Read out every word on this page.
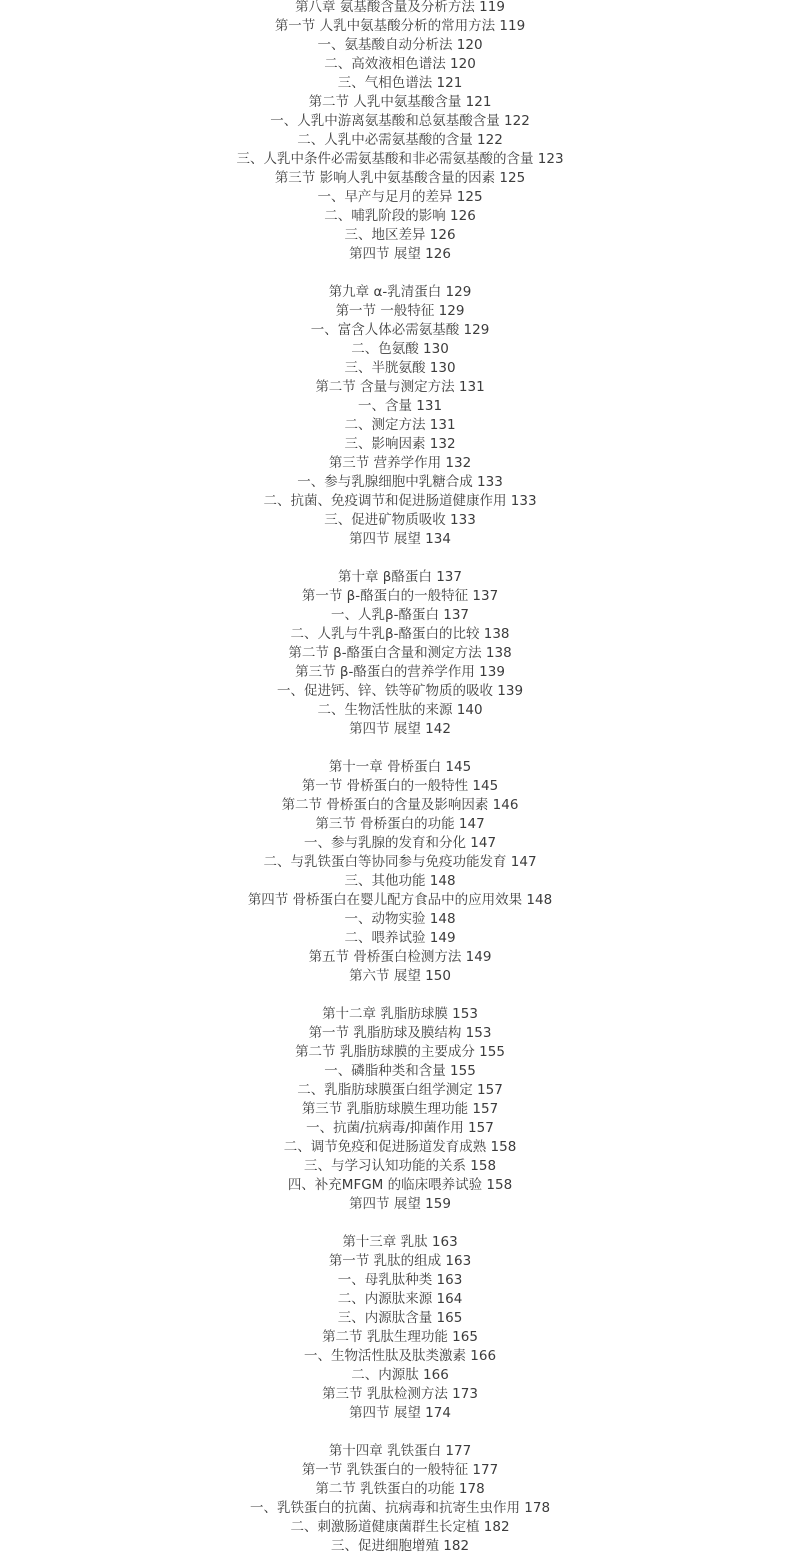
第八章 氨基酸含量及分析方法 119
第一节 人乳中氨基酸分析的常用方法 119
一、氨基酸自动分析法 120
二、高效液相色谱法 120
三、气相色谱法 121
第二节 人乳中氨基酸含量 121
一、人乳中游离氨基酸和总氨基酸含量 122
二、人乳中必需氨基酸的含量 122
三、人乳中条件必需氨基酸和非必需氨基酸的含量 123
第三节 影响人乳中氨基酸含量的因素 125
一、早产与足月的差异 125
二、哺乳阶段的影响 126
三、地区差异 126
第四节 展望 126
第九章 α-乳清蛋白 129
第一节 一般特征 129
一、富含人体必需氨基酸 129
二、色氨酸 130
三、半胱氨酸 130
第二节 含量与测定方法 131
一、含量 131
二、测定方法 131
三、影响因素 132
第三节 营养学作用 132
一、参与乳腺细胞中乳糖合成 133
二、抗菌、免疫调节和促进肠道健康作用 133
三、促进矿物质吸收 133
第四节 展望 134
第十章 β酪蛋白 137
第一节 β-酪蛋白的一般特征 137
一、人乳β-酪蛋白 137
二、人乳与牛乳β-酪蛋白的比较 138
第二节 β-酪蛋白含量和测定方法 138
第三节 β-酪蛋白的营养学作用 139
一、促进钙、锌、铁等矿物质的吸收 139
二、生物活性肽的来源 140
第四节 展望 142
第十一章 骨桥蛋白 145
第一节 骨桥蛋白的一般特性 145
第二节 骨桥蛋白的含量及影响因素 146
第三节 骨桥蛋白的功能 147
一、参与乳腺的发育和分化 147
二、与乳铁蛋白等协同参与免疫功能发育 147
三、其他功能 148
第四节 骨桥蛋白在婴儿配方食品中的应用效果 148
一、动物实验 148
二、喂养试验 149
第五节 骨桥蛋白检测方法 149
第六节 展望 150
第十二章 乳脂肪球膜 153
第一节 乳脂肪球及膜结构 153
第二节 乳脂肪球膜的主要成分 155
一、磷脂种类和含量 155
二、乳脂肪球膜蛋白组学测定 157
第三节 乳脂肪球膜生理功能 157
一、抗菌/抗病毒/抑菌作用 157
二、调节免疫和促进肠道发育成熟 158
三、与学习认知功能的关系 158
四、补充MFGM 的临床喂养试验 158
第四节 展望 159
第十三章 乳肽 163
第一节 乳肽的组成 163
一、母乳肽种类 163
二、内源肽来源 164
三、内源肽含量 165
第二节 乳肽生理功能 165
一、生物活性肽及肽类激素 166
二、内源肽 166
第三节 乳肽检测方法 173
第四节 展望 174
第十四章 乳铁蛋白 177
第一节 乳铁蛋白的一般特征 177
第二节 乳铁蛋白的功能 178
一、乳铁蛋白的抗菌、抗病毒和抗寄生虫作用 178
二、刺激肠道健康菌群生长定植 182
三、促进细胞增殖 182
